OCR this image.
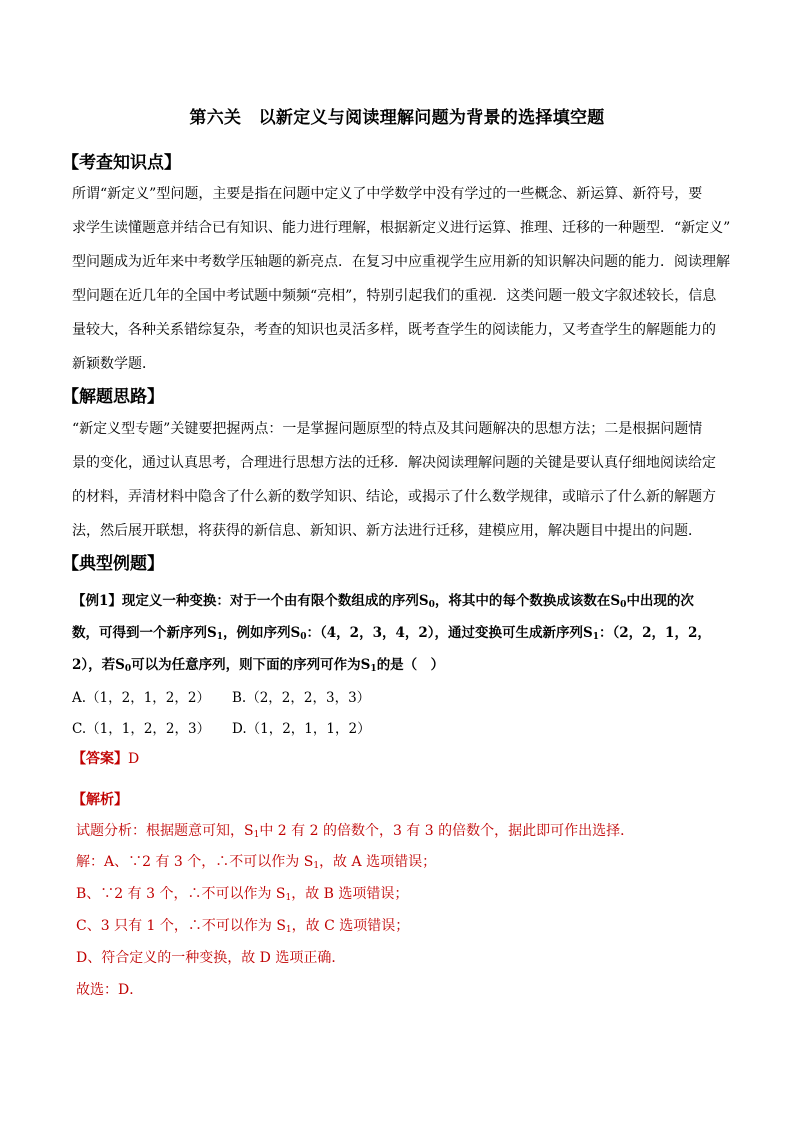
第六关　以新定义与阅读理解问题为背景的选择填空题
【考查知识点】
所谓“新定义”型问题，主要是指在问题中定义了中学数学中没有学过的一些概念、新运算、新符号，要
求学生读懂题意并结合已有知识、能力进行理解，根据新定义进行运算、推理、迁移的一种题型．“新定义”
型问题成为近年来中考数学压轴题的新亮点．在复习中应重视学生应用新的知识解决问题的能力．阅读理解
型问题在近几年的全国中考试题中频频“亮相”，特别引起我们的重视．这类问题一般文字叙述较长，信息
量较大，各种关系错综复杂，考查的知识也灵活多样，既考查学生的阅读能力，又考查学生的解题能力的
新颖数学题．
【解题思路】
“新定义型专题”关键要把握两点：一是掌握问题原型的特点及其问题解决的思想方法；二是根据问题情
景的变化，通过认真思考，合理进行思想方法的迁移．解决阅读理解问题的关键是要认真仔细地阅读给定
的材料，弄清材料中隐含了什么新的数学知识、结论，或揭示了什么数学规律，或暗示了什么新的解题方
法，然后展开联想，将获得的新信息、新知识、新方法进行迁移，建模应用，解决题目中提出的问题．
【典型例题】
【例1】现定义一种变换：对于一个由有限个数组成的序列$S_0$，将其中的每个数换成该数在$S_0$中出现的次
数，可得到一个新序列$S_1$，例如序列$S_0$：（4，2，3，4，2），通过变换可生成新序列$S_1$：（2，2，1，2，
2），若$S_0$可以为任意序列，则下面的序列可作为$S_1$的是（　）
A.（1，2，1，2，2） B.（2，2，2，3，3）
C.（1，1，2，2，3） D.（1，2，1，1，2）
【答案】D
【解析】
试题分析：根据题意可知，$S_1$中 2 有 2 的倍数个，3 有 3 的倍数个，据此即可作出选择．
解：A、∵2 有 3 个，∴不可以作为 $S_1$，故 A 选项错误；
B、∵2 有 3 个，∴不可以作为 $S_1$，故 B 选项错误；
C、3 只有 1 个，∴不可以作为 $S_1$，故 C 选项错误；
D、符合定义的一种变换，故 D 选项正确．
故选：D．
